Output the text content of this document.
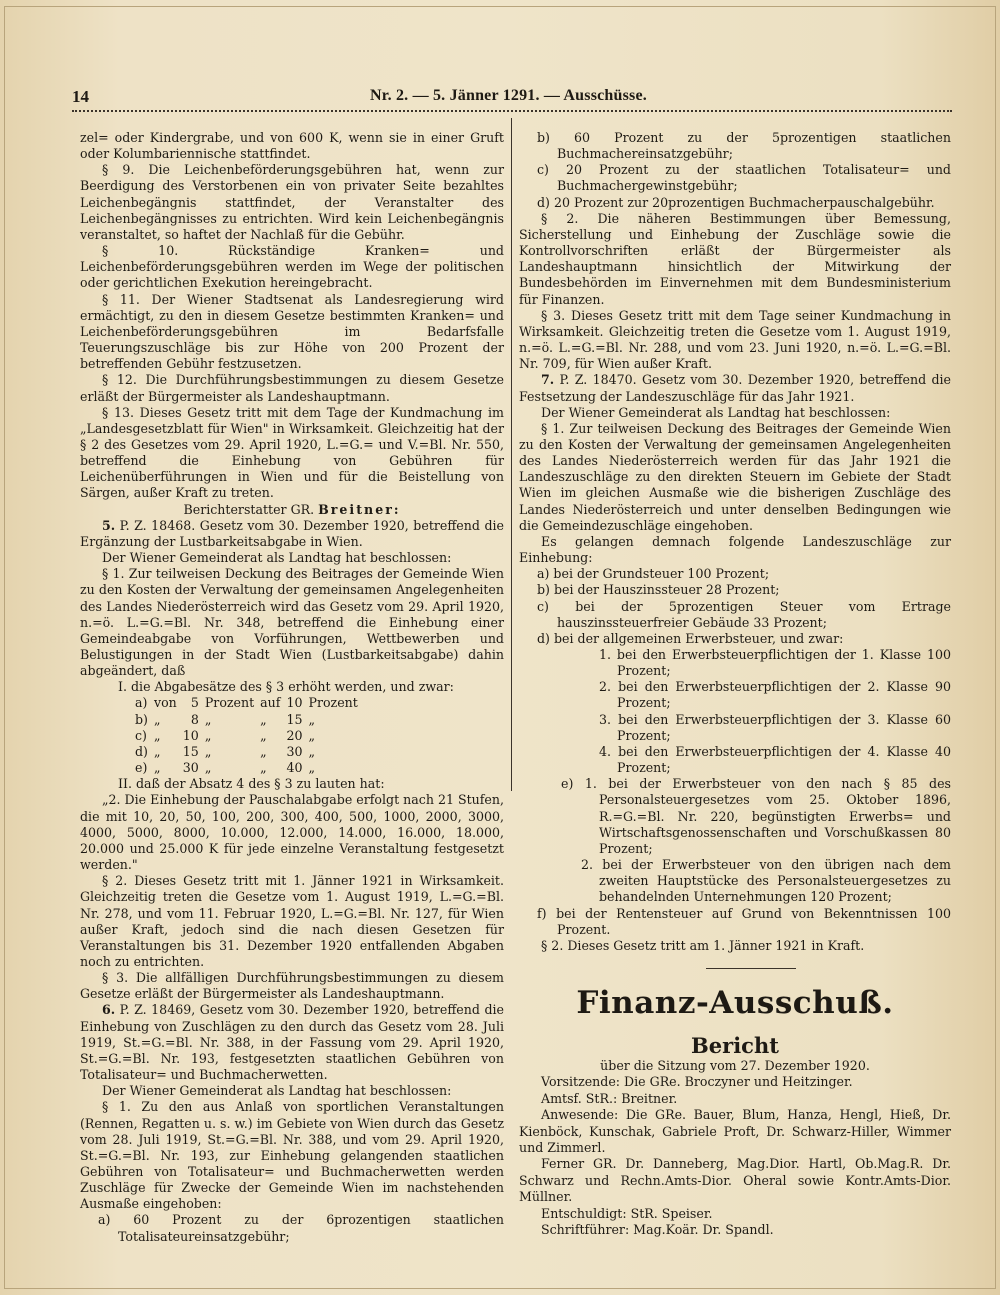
14	Nr. 2. — 5. Jänner 1291. — Ausschüsse.

zel= oder Kindergrabe, und von 600 K, wenn sie in einer Gruft oder Kolumbariennische stattfindet.

§ 9. Die Leichenbeförderungsgebühren hat, wenn zur Beerdigung des Verstorbenen ein von privater Seite bezahltes Leichenbegängnis stattfindet, der Veranstalter des Leichenbegängnisses zu entrichten. Wird kein Leichenbegängnis veranstaltet, so haftet der Nachlaß für die Gebühr.

§ 10. Rückständige Kranken= und Leichenbeförderungsgebühren werden im Wege der politischen oder gerichtlichen Exekution hereingebracht.

§ 11. Der Wiener Stadtsenat als Landesregierung wird ermächtigt, zu den in diesem Gesetze bestimmten Kranken= und Leichenbeförderungsgebühren im Bedarfsfalle Teuerungszuschläge bis zur Höhe von 200 Prozent der betreffenden Gebühr festzusetzen.

§ 12. Die Durchführungsbestimmungen zu diesem Gesetze erläßt der Bürgermeister als Landeshauptmann.

§ 13. Dieses Gesetz tritt mit dem Tage der Kundmachung im „Landesgesetzblatt für Wien" in Wirksamkeit. Gleichzeitig hat der § 2 des Gesetzes vom 29. April 1920, L.=G.= und V.=Bl. Nr. 550, betreffend die Einhebung von Gebühren für Leichenüberführungen in Wien und für die Beistellung von Särgen, außer Kraft zu treten.

Berichterstatter GR. Breitner:

5. P. Z. 18468. Gesetz vom 30. Dezember 1920, betreffend die Ergänzung der Lustbarkeitsabgabe in Wien.

Der Wiener Gemeinderat als Landtag hat beschlossen:

§ 1. Zur teilweisen Deckung des Beitrages der Gemeinde Wien zu den Kosten der Verwaltung der gemeinsamen Angelegenheiten des Landes Niederösterreich wird das Gesetz vom 29. April 1920, n.=ö. L.=G.=Bl. Nr. 348, betreffend die Einhebung einer Gemeindeabgabe von Vorführungen, Wettbewerben und Belustigungen in der Stadt Wien (Lustbarkeitsabgabe) dahin abgeändert, daß

I. die Abgabesätze des § 3 erhöht werden, und zwar:

a)	von	5	Prozent	auf	10	Prozent
b)	„	8	„	„	15	„
c)	„	10	„	„	20	„
d)	„	15	„	„	30	„
e)	„	30	„	„	40	„

II. daß der Absatz 4 des § 3 zu lauten hat:

„2. Die Einhebung der Pauschalabgabe erfolgt nach 21 Stufen, die mit 10, 20, 50, 100, 200, 300, 400, 500, 1000, 2000, 3000, 4000, 5000, 8000, 10.000, 12.000, 14.000, 16.000, 18.000, 20.000 und 25.000 K für jede einzelne Veranstaltung festgesetzt werden."

§ 2. Dieses Gesetz tritt mit 1. Jänner 1921 in Wirksamkeit. Gleichzeitig treten die Gesetze vom 1. August 1919, L.=G.=Bl. Nr. 278, und vom 11. Februar 1920, L.=G.=Bl. Nr. 127, für Wien außer Kraft, jedoch sind die nach diesen Gesetzen für Veranstaltungen bis 31. Dezember 1920 entfallenden Abgaben noch zu entrichten.

§ 3. Die allfälligen Durchführungsbestimmungen zu diesem Gesetze erläßt der Bürgermeister als Landeshauptmann.

6. P. Z. 18469, Gesetz vom 30. Dezember 1920, betreffend die Einhebung von Zuschlägen zu den durch das Gesetz vom 28. Juli 1919, St.=G.=Bl. Nr. 388, in der Fassung vom 29. April 1920, St.=G.=Bl. Nr. 193, festgesetzten staatlichen Gebühren von Totalisateur= und Buchmacherwetten.

Der Wiener Gemeinderat als Landtag hat beschlossen:

§ 1. Zu den aus Anlaß von sportlichen Veranstaltungen (Rennen, Regatten u. s. w.) im Gebiete von Wien durch das Gesetz vom 28. Juli 1919, St.=G.=Bl. Nr. 388, und vom 29. April 1920, St.=G.=Bl. Nr. 193, zur Einhebung gelangenden staatlichen Gebühren von Totalisateur= und Buchmacherwetten werden Zuschläge für Zwecke der Gemeinde Wien im nachstehenden Ausmaße eingehoben:

a) 60 Prozent zu der 6prozentigen staatlichen Totalisateureinsatzgebühr;

b) 60 Prozent zu der 5prozentigen staatlichen Buchmachereinsatzgebühr;

c) 20 Prozent zu der staatlichen Totalisateur= und Buchmachergewinstgebühr;

d) 20 Prozent zur 20prozentigen Buchmacherpauschalgebühr.

§ 2. Die näheren Bestimmungen über Bemessung, Sicherstellung und Einhebung der Zuschläge sowie die Kontrollvorschriften erläßt der Bürgermeister als Landeshauptmann hinsichtlich der Mitwirkung der Bundesbehörden im Einvernehmen mit dem Bundesministerium für Finanzen.

§ 3. Dieses Gesetz tritt mit dem Tage seiner Kundmachung in Wirksamkeit. Gleichzeitig treten die Gesetze vom 1. August 1919, n.=ö. L.=G.=Bl. Nr. 288, und vom 23. Juni 1920, n.=ö. L.=G.=Bl. Nr. 709, für Wien außer Kraft.

7. P. Z. 18470. Gesetz vom 30. Dezember 1920, betreffend die Festsetzung der Landeszuschläge für das Jahr 1921.

Der Wiener Gemeinderat als Landtag hat beschlossen:

§ 1. Zur teilweisen Deckung des Beitrages der Gemeinde Wien zu den Kosten der Verwaltung der gemeinsamen Angelegenheiten des Landes Niederösterreich werden für das Jahr 1921 die Landeszuschläge zu den direkten Steuern im Gebiete der Stadt Wien im gleichen Ausmaße wie die bisherigen Zuschläge des Landes Niederösterreich und unter denselben Bedingungen wie die Gemeindezuschläge eingehoben.

Es gelangen demnach folgende Landeszuschläge zur Einhebung:

a) bei der Grundsteuer 100 Prozent;

b) bei der Hauszinssteuer 28 Prozent;

c) bei der 5prozentigen Steuer vom Ertrage hauszinssteuerfreier Gebäude 33 Prozent;

d) bei der allgemeinen Erwerbsteuer, und zwar:

1. bei den Erwerbsteuerpflichtigen der 1. Klasse 100 Prozent;

2. bei den Erwerbsteuerpflichtigen der 2. Klasse 90 Prozent;

3. bei den Erwerbsteuerpflichtigen der 3. Klasse 60 Prozent;

4. bei den Erwerbsteuerpflichtigen der 4. Klasse 40 Prozent;

e) 1. bei der Erwerbsteuer von den nach § 85 des Personalsteuergesetzes vom 25. Oktober 1896, R.=G.=Bl. Nr. 220, begünstigten Erwerbs= und Wirtschaftsgenossenschaften und Vorschußkassen 80 Prozent;

2. bei der Erwerbsteuer von den übrigen nach dem zweiten Hauptstücke des Personalsteuergesetzes zu behandelnden Unternehmungen 120 Prozent;

f) bei der Rentensteuer auf Grund von Bekenntnissen 100 Prozent.

§ 2. Dieses Gesetz tritt am 1. Jänner 1921 in Kraft.

Finanz-Ausschuß.
Bericht

über die Sitzung vom 27. Dezember 1920.

Vorsitzende: Die GRe. Broczyner und Heitzinger.

Amtsf. StR.: Breitner.

Anwesende: Die GRe. Bauer, Blum, Hanza, Hengl, Hieß, Dr. Kienböck, Kunschak, Gabriele Proft, Dr. Schwarz-Hiller, Wimmer und Zimmerl.

Ferner GR. Dr. Danneberg, Mag.Dior. Hartl, Ob.Mag.R. Dr. Schwarz und Rechn.Amts-Dior. Oheral sowie Kontr.Amts-Dior. Müllner.

Entschuldigt: StR. Speiser.

Schriftführer: Mag.Koär. Dr. Spandl.
